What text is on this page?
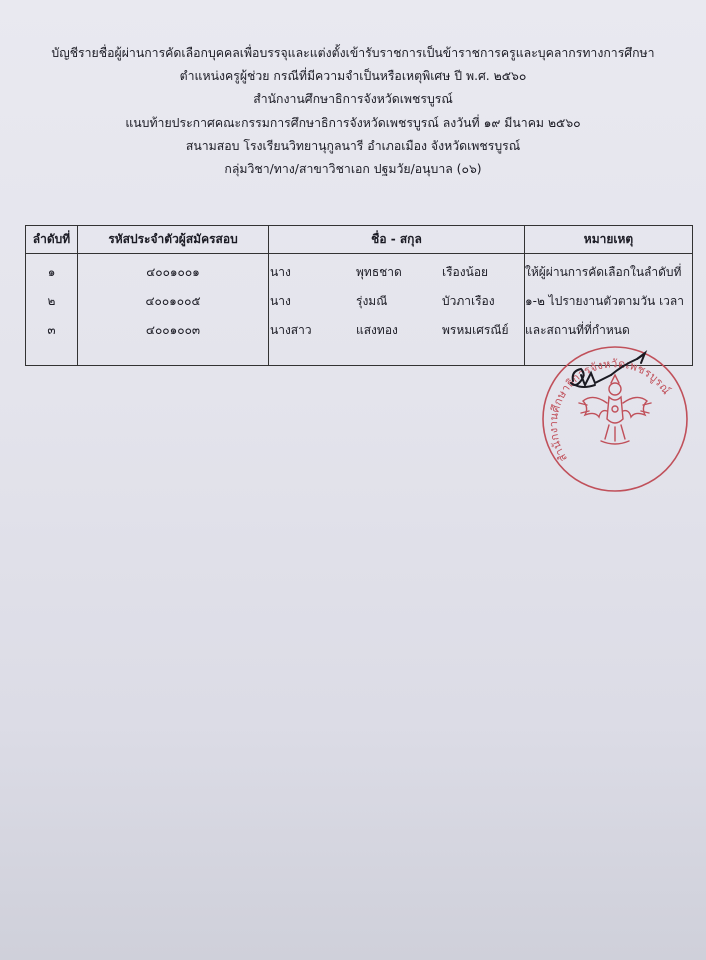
บัญชีรายชื่อผู้ผ่านการคัดเลือกบุคคลเพื่อบรรจุและแต่งตั้งเข้ารับราชการเป็นข้าราชการครูและบุคลากรทางการศึกษา
ตำแหน่งครูผู้ช่วย กรณีที่มีความจำเป็นหรือเหตุพิเศษ ปี พ.ศ. ๒๕๖๐
สำนักงานศึกษาธิการจังหวัดเพชรบูรณ์
แนบท้ายประกาศคณะกรรมการศึกษาธิการจังหวัดเพชรบูรณ์ ลงวันที่ ๑๙ มีนาคม ๒๕๖๐
สนามสอบ โรงเรียนวิทยานุกูลนารี อำเภอเมือง จังหวัดเพชรบูรณ์
กลุ่มวิชา/ทาง/สาขาวิชาเอก ปฐมวัย/อนุบาล (๐๖)
ลำดับที่	รหัสประจำตัวผู้สมัครสอบ	ชื่อ - สกุล	หมายเหตุ
๑	๔๐๐๑๐๐๑	นาง พุทธชาด เรืองน้อย	ให้ผู้ผ่านการคัดเลือกในลำดับที่
๒	๔๐๐๑๐๐๕	นาง รุ่งมณี บัวภาเรือง	๑-๒ ไปรายงานตัวตามวัน เวลา
๓	๔๐๐๑๐๐๓	นางสาว แสงทอง พรหมเศรณีย์	และสถานที่ที่กำหนด

สำนักงานศึกษาธิการจังหวัดเพชรบูรณ์
